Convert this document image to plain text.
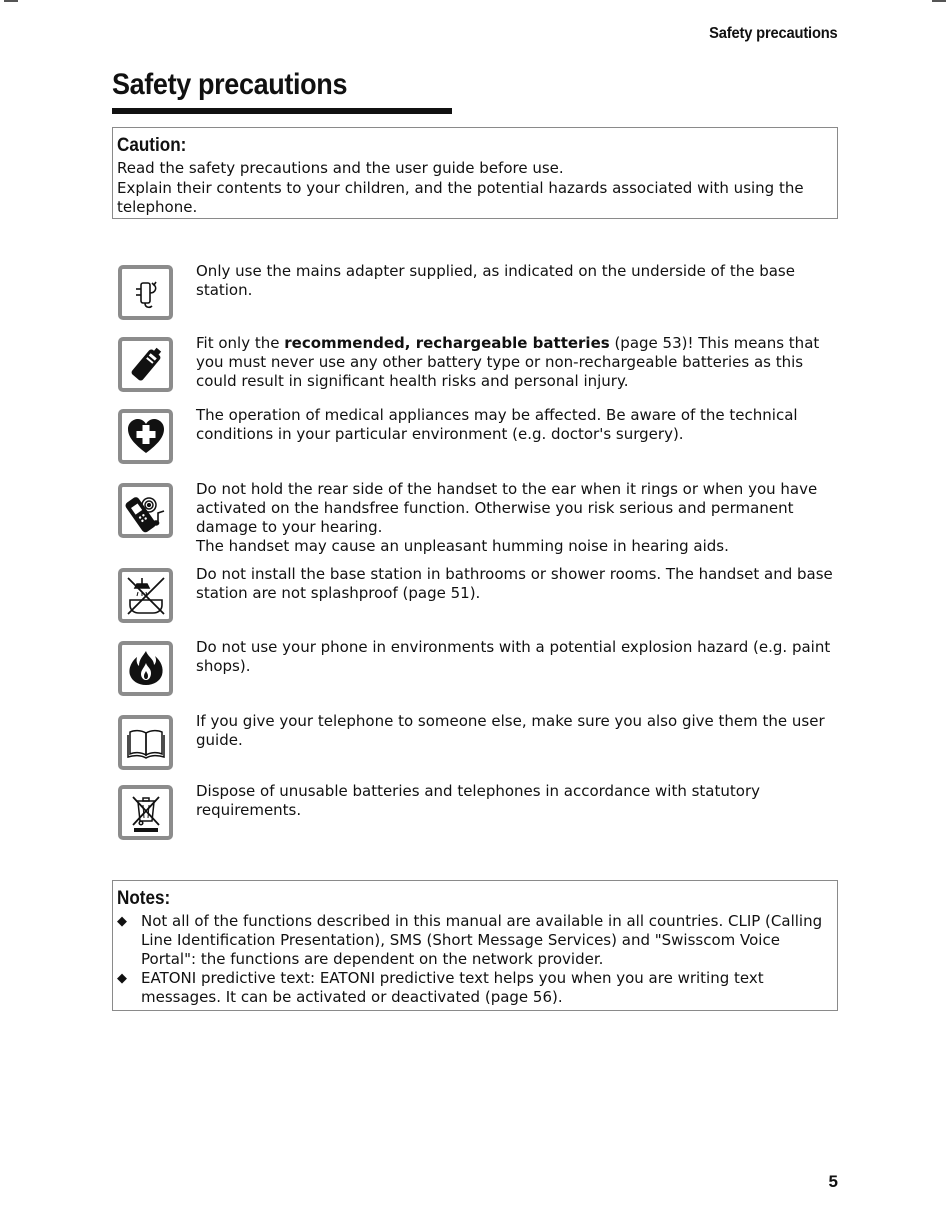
Safety precautions
Safety precautions
Caution:

Read the safety precautions and the user guide before use.

Explain their contents to your children, and the potential hazards associated with using the telephone.

Only use the mains adapter supplied, as indicated on the underside of the base station.

Fit only the recommended, rechargeable batteries (page 53)! This means that you must never use any other battery type or non-rechargeable batteries as this could result in significant health risks and personal injury.

The operation of medical appliances may be affected. Be aware of the technical conditions in your particular environment (e.g. doctor's surgery).

Do not hold the rear side of the handset to the ear when it rings or when you have activated on the handsfree function. Otherwise you risk serious and permanent damage to your hearing.
The handset may cause an unpleasant humming noise in hearing aids.

Do not install the base station in bathrooms or shower rooms. The handset and base station are not splashproof (page 51).

Do not use your phone in environments with a potential explosion hazard (e.g. paint shops).

If you give your telephone to someone else, make sure you also give them the user guide.

Dispose of unusable batteries and telephones in accordance with statutory requirements.

Notes:
◆ Not all of the functions described in this manual are available in all countries. CLIP (Calling Line Identification Presentation), SMS (Short Message Services) and "Swisscom Voice Portal": the functions are dependent on the network provider.
◆ EATONI predictive text: EATONI predictive text helps you when you are writing text messages. It can be activated or deactivated (page 56).
5
